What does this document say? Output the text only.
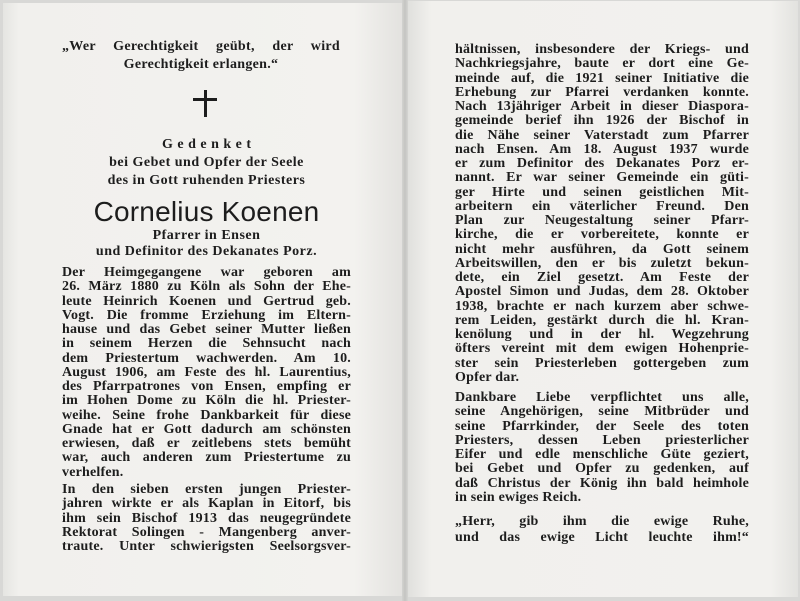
„Wer Gerechtigkeit geübt, der wird
Gerechtigkeit erlangen.“
Gedenket
bei Gebet und Opfer der Seele
des in Gott ruhenden Priesters
Cornelius Koenen
Pfarrer in Ensen
und Definitor des Dekanates Porz.
Der Heimgegangene war geboren am
26. März 1880 zu Köln als Sohn der Ehe-
leute Heinrich Koenen und Gertrud geb.
Vogt. Die fromme Erziehung im Eltern-
hause und das Gebet seiner Mutter ließen
in seinem Herzen die Sehnsucht nach
dem Priestertum wachwerden. Am 10.
August 1906, am Feste des hl. Laurentius,
des Pfarrpatrones von Ensen, empfing er
im Hohen Dome zu Köln die hl. Priester-
weihe. Seine frohe Dankbarkeit für diese
Gnade hat er Gott dadurch am schönsten
erwiesen, daß er zeitlebens stets bemüht
war, auch anderen zum Priestertume zu
verhelfen.
In den sieben ersten jungen Priester-
jahren wirkte er als Kaplan in Eitorf, bis
ihm sein Bischof 1913 das neugegründete
Rektorat Solingen - Mangenberg anver-
traute. Unter schwierigsten Seelsorgsver-
hältnissen, insbesondere der Kriegs- und
Nachkriegsjahre, baute er dort eine Ge-
meinde auf, die 1921 seiner Initiative die
Erhebung zur Pfarrei verdanken konnte.
Nach 13jähriger Arbeit in dieser Diaspora-
gemeinde berief ihn 1926 der Bischof in
die Nähe seiner Vaterstadt zum Pfarrer
nach Ensen. Am 18. August 1937 wurde
er zum Definitor des Dekanates Porz er-
nannt. Er war seiner Gemeinde ein güti-
ger Hirte und seinen geistlichen Mit-
arbeitern ein väterlicher Freund. Den
Plan zur Neugestaltung seiner Pfarr-
kirche, die er vorbereitete, konnte er
nicht mehr ausführen, da Gott seinem
Arbeitswillen, den er bis zuletzt bekun-
dete, ein Ziel gesetzt. Am Feste der
Apostel Simon und Judas, dem 28. Oktober
1938, brachte er nach kurzem aber schwe-
rem Leiden, gestärkt durch die hl. Kran-
kenölung und in der hl. Wegzehrung
öfters vereint mit dem ewigen Hohenprie-
ster sein Priesterleben gottergeben zum
Opfer dar.
Dankbare Liebe verpflichtet uns alle,
seine Angehörigen, seine Mitbrüder und
seine Pfarrkinder, der Seele des toten
Priesters, dessen Leben priesterlicher
Eifer und edle menschliche Güte geziert,
bei Gebet und Opfer zu gedenken, auf
daß Christus der König ihn bald heimhole
in sein ewiges Reich.
„Herr, gib ihm die ewige Ruhe,
und das ewige Licht leuchte ihm!“
